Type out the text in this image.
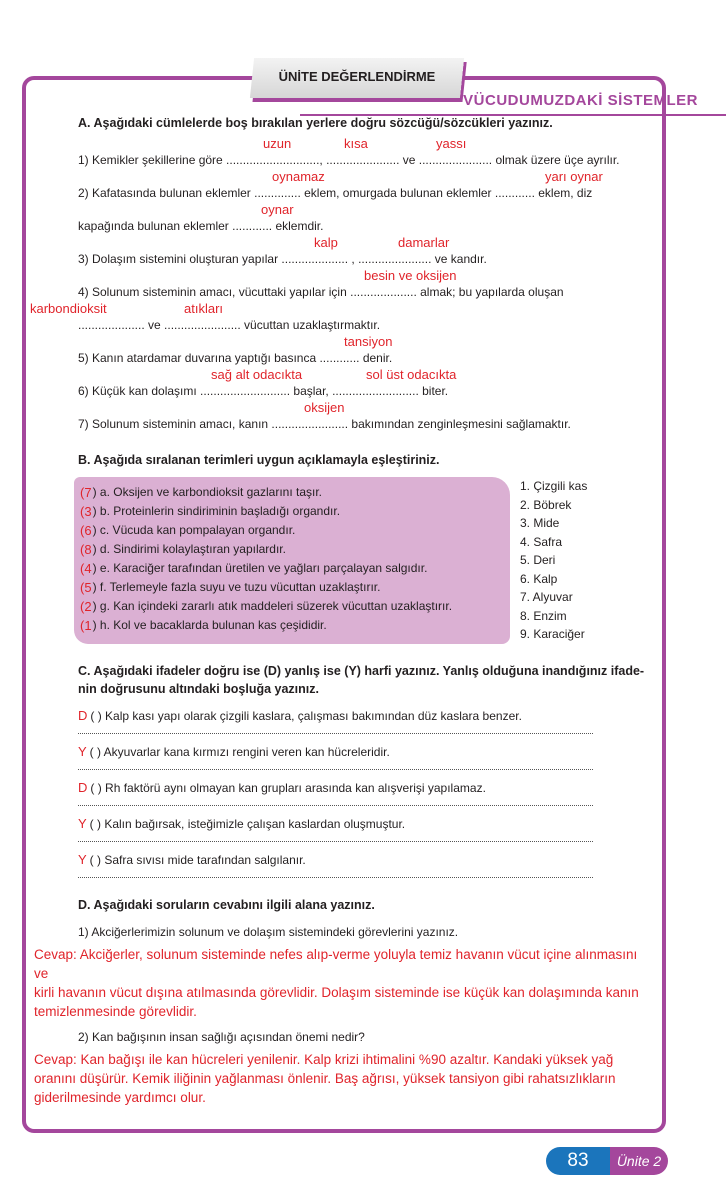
VÜCUDUMUZDAKİ SİSTEMLER
ÜNİTE DEĞERLENDİRME
A. Aşağıdaki cümlelerde boş bırakılan yerlere doğru sözcüğü/sözcükleri yazınız.
uzun	kısa	yassı
1) Kemikler şekillerine göre ............................, ...................... ve ...................... olmak üzere üçe ayrılır.
oynamaz	yarı oynar
2) Kafatasında bulunan eklemler .............. eklem, omurgada bulunan eklemler ............ eklem, diz
oynar
kapağında bulunan eklemler ............ eklemdir.
kalp	damarlar
3) Dolaşım sistemini oluşturan yapılar .................... , ...................... ve kandır.
besin ve oksijen
4) Solunum sisteminin amacı, vücuttaki yapılar için .................... almak; bu yapılarda oluşan
karbondioksit	atıkları
.................... ve ....................... vücuttan uzaklaştırmaktır.
tansiyon
5) Kanın atardamar duvarına yaptığı basınca ............ denir.
sağ alt odacıkta	sol üst odacıkta
6) Küçük kan dolaşımı ........................... başlar, .......................... biter.
oksijen
7) Solunum sisteminin amacı, kanın ....................... bakımından zenginleşmesini sağlamaktır.
B. Aşağıda sıralanan terimleri uygun açıklamayla eşleştiriniz.
(7 ) a. Oksijen ve karbondioksit gazlarını taşır.
(3 ) b. Proteinlerin sindiriminin başladığı organdır.
(6 ) c. Vücuda kan pompalayan organdır.
(8 ) d. Sindirimi kolaylaştıran yapılardır.
(4 ) e. Karaciğer tarafından üretilen ve yağları parçalayan salgıdır.
(5 ) f. Terlemeyle fazla suyu ve tuzu vücuttan uzaklaştırır.
(2 ) g. Kan içindeki zararlı atık maddeleri süzerek vücuttan uzaklaştırır.
(1 ) h. Kol ve bacaklarda bulunan kas çeşididir.
1. Çizgili kas
2. Böbrek
3. Mide
4. Safra
5. Deri
6. Kalp
7. Alyuvar
8. Enzim
9. Karaciğer
C. Aşağıdaki ifadeler doğru ise (D) yanlış ise (Y) harfi yazınız. Yanlış olduğuna inandığınız ifade-
nin doğrusunu altındaki boşluğa yazınız.
D ( ) Kalp kası yapı olarak çizgili kaslara, çalışması bakımından düz kaslara benzer.
Y ( ) Akyuvarlar kana kırmızı rengini veren kan hücreleridir.
D ( ) Rh faktörü aynı olmayan kan grupları arasında kan alışverişi yapılamaz.
Y ( ) Kalın bağırsak, isteğimizle çalışan kaslardan oluşmuştur.
Y ( ) Safra sıvısı mide tarafından salgılanır.
D. Aşağıdaki soruların cevabını ilgili alana yazınız.
1) Akciğerlerimizin solunum ve dolaşım sistemindeki görevlerini yazınız.
Cevap: Akciğerler, solunum sisteminde nefes alıp-verme yoluyla temiz havanın vücut içine alınmasını ve
kirli havanın vücut dışına atılmasında görevlidir. Dolaşım sisteminde ise küçük kan dolaşımında kanın
temizlenmesinde görevlidir.
2) Kan bağışının insan sağlığı açısından önemi nedir?
Cevap: Kan bağışı ile kan hücreleri yenilenir. Kalp krizi ihtimalini %90 azaltır. Kandaki yüksek yağ
oranını düşürür. Kemik iliğinin yağlanması önlenir. Baş ağrısı, yüksek tansiyon gibi rahatsızlıkların
giderilmesinde yardımcı olur.
83	Ünite 2
